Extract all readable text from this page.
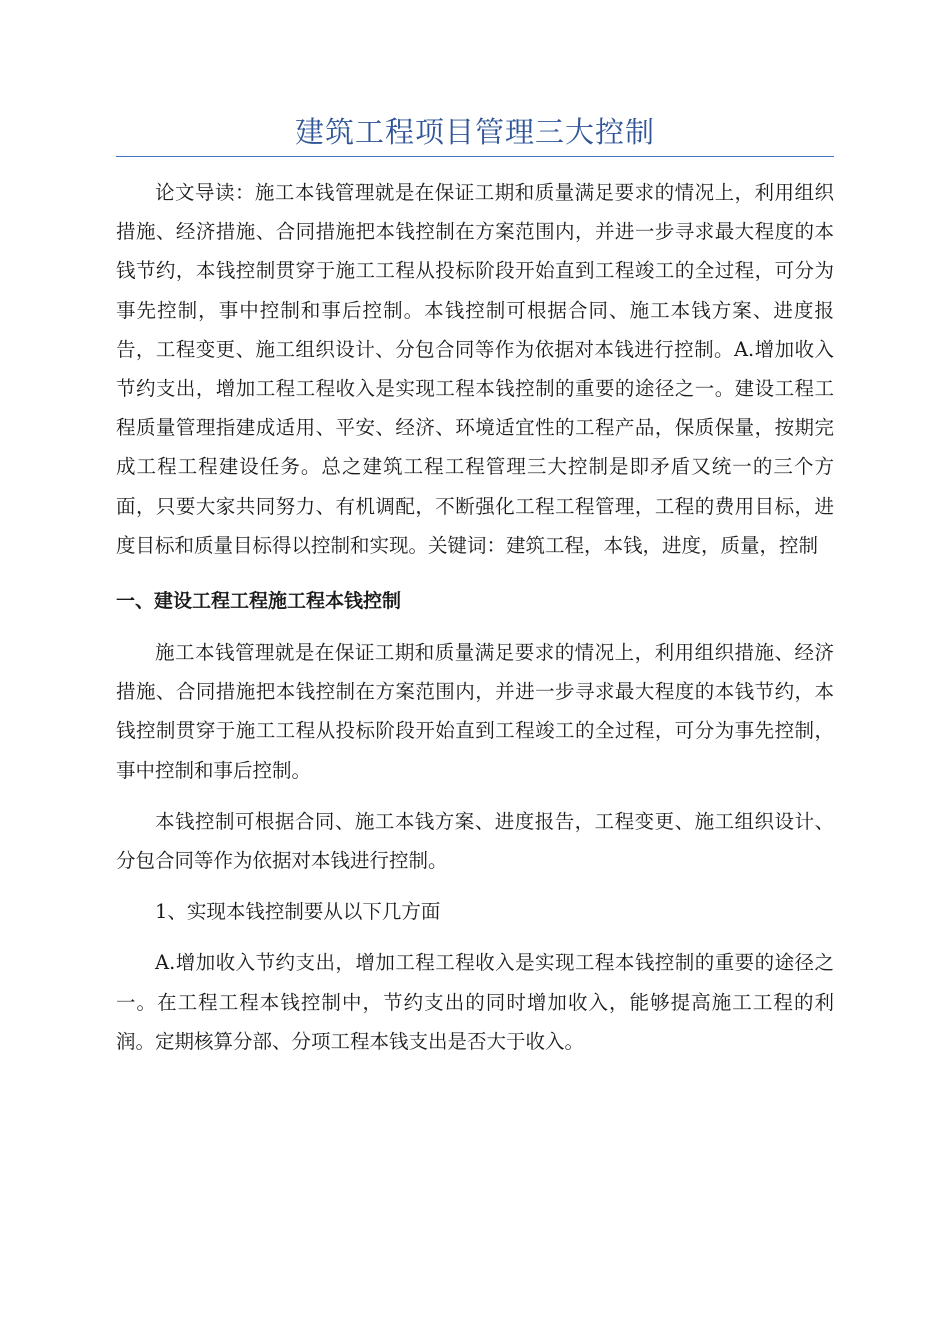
建筑工程项目管理三大控制

论文导读：施工本钱管理就是在保证工期和质量满足要求的情况上，利用组织措施、经济措施、合同措施把本钱控制在方案范围内，并进一步寻求最大程度的本钱节约，本钱控制贯穿于施工工程从投标阶段开始直到工程竣工的全过程，可分为事先控制，事中控制和事后控制。本钱控制可根据合同、施工本钱方案、进度报告，工程变更、施工组织设计、分包合同等作为依据对本钱进行控制。A.增加收入节约支出，增加工程工程收入是实现工程本钱控制的重要的途径之一。建设工程工程质量管理指建成适用、平安、经济、环境适宜性的工程产品，保质保量，按期完成工程工程建设任务。总之建筑工程工程管理三大控制是即矛盾又统一的三个方面，只要大家共同努力、有机调配，不断强化工程工程管理，工程的费用目标，进度目标和质量目标得以控制和实现。关键词：建筑工程，本钱，进度，质量，控制

一、建设工程工程施工程本钱控制

施工本钱管理就是在保证工期和质量满足要求的情况上，利用组织措施、经济措施、合同措施把本钱控制在方案范围内，并进一步寻求最大程度的本钱节约，本钱控制贯穿于施工工程从投标阶段开始直到工程竣工的全过程，可分为事先控制，事中控制和事后控制。

本钱控制可根据合同、施工本钱方案、进度报告，工程变更、施工组织设计、分包合同等作为依据对本钱进行控制。

1、实现本钱控制要从以下几方面

A.增加收入节约支出，增加工程工程收入是实现工程本钱控制的重要的途径之一。在工程工程本钱控制中，节约支出的同时增加收入，能够提高施工工程的利润。定期核算分部、分项工程本钱支出是否大于收入。
